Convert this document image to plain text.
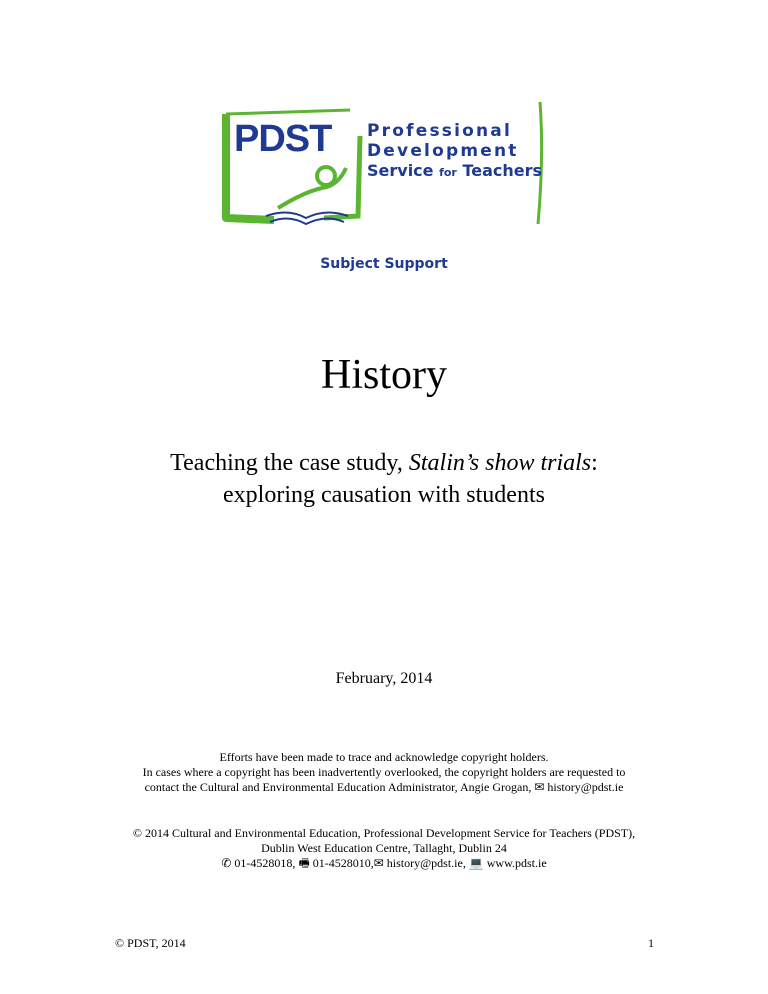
PDST Professional
Development
Service for Teachers
Subject Support
History
Teaching the case study, Stalin’s show trials:
exploring causation with students
February, 2014
Efforts have been made to trace and acknowledge copyright holders.
In cases where a copyright has been inadvertently overlooked, the copyright holders are requested to
contact the Cultural and Environmental Education Administrator, Angie Grogan, ✉ history@pdst.ie
© 2014 Cultural and Environmental Education, Professional Development Service for Teachers (PDST),
Dublin West Education Centre, Tallaght, Dublin 24
✆ 01-4528018, 🖷 01-4528010,✉ history@pdst.ie, 💻 www.pdst.ie
© PDST, 2014	1
